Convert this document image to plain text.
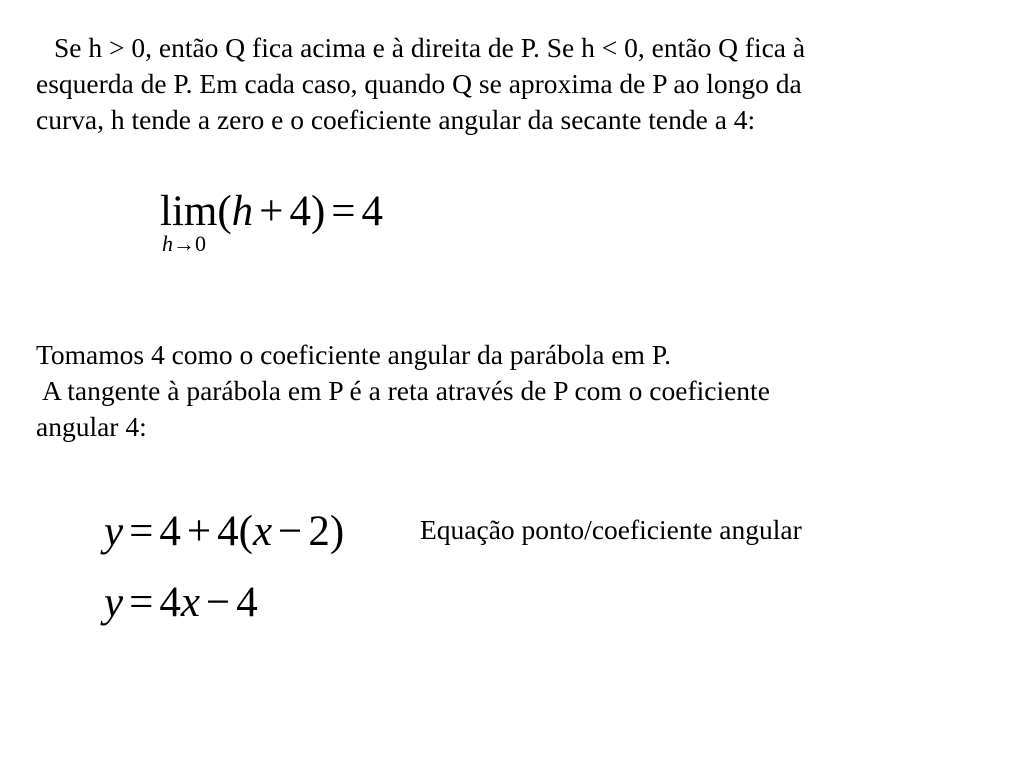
Se h > 0, então Q fica acima e à direita de P. Se h < 0, então Q fica à
esquerda de P. Em cada caso, quando Q se aproxima de P ao longo da
curva, h tende a zero e o coeficiente angular da secante tende a 4:
lim(h + 4) = 4
h→0
Tomamos 4 como o coeficiente angular da parábola em P.
A tangente à parábola em P é a reta através de P com o coeficiente
angular 4:
y = 4 + 4(x − 2)	Equação ponto/coeficiente angular
y = 4x − 4
